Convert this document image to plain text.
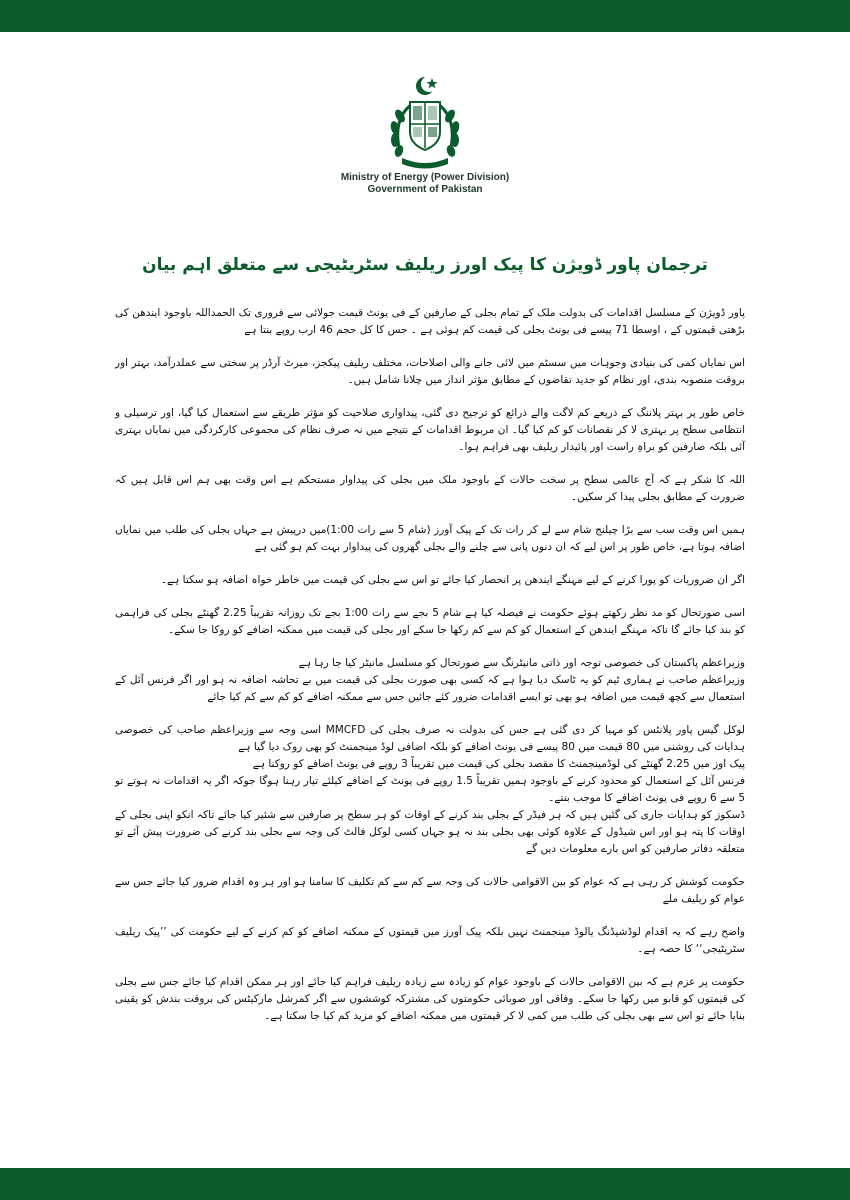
Ministry of Energy (Power Division)
Government of Pakistan
ترجمان پاور ڈویژن کا پیک اورز ریلیف سٹریٹیجی سے متعلق اہم بیان

پاور ڈویژن کے مسلسل اقدامات کی بدولت ملک کے تمام بجلی کے صارفین کے فی یونٹ قیمت جولائی سے فروری تک الحمداللہ باوجود ایندھن کی بڑھتی قیمتوں کے ، اوسطا 71 پیسے فی یونٹ بجلی کی قیمت کم ہوئی ہے ۔ جس کا کل حجم 46 ارب روپے بنتا ہے

اس نمایاں کمی کی بنیادی وجوہات میں سسٹم میں لائی جانے والی اصلاحات، مختلف ریلیف پیکجز، میرٹ آرڈر پر سختی سے عملدرآمد، بہتر اور بروقت منصوبہ بندی، اور نظام کو جدید تقاضوں کے مطابق مؤثر انداز میں چلانا شامل ہیں۔

خاص طور پر بہتر پلاننگ کے ذریعے کم لاگت والے ذرائع کو ترجیح دی گئی، پیداواری صلاحیت کو مؤثر طریقے سے استعمال کیا گیا، اور ترسیلی و انتظامی سطح پر بہتری لا کر نقصانات کو کم کیا گیا۔ ان مربوط اقدامات کے نتیجے میں نہ صرف نظام کی مجموعی کارکردگی میں نمایاں بہتری آئی بلکہ صارفین کو براہِ راست اور پائیدار ریلیف بھی فراہم ہوا۔

اللہ کا شکر ہے کہ آج عالمی سطح پر سخت حالات کے باوجود ملک میں بجلی کی پیداوار مستحکم ہے اس وقت بھی ہم اس قابل ہیں کہ ضرورت کے مطابق بجلی پیدا کر سکیں۔

ہمیں اس وقت سب سے بڑا چیلنج شام سے لے کر رات تک کے پیک آورز (شام 5 سے رات 1:00)میں درپیش ہے جہاں بجلی کی طلب میں نمایاں اضافہ ہوتا ہے، خاص طور پر اس لیے کہ ان دنوں پانی سے چلنے والے بجلی گھروں کی پیداوار بہت کم ہو گئی ہے

اگر ان ضروریات کو پورا کرنے کے لیے مہنگے ایندھن پر انحصار کیا جائے تو اس سے بجلی کی قیمت میں خاطر خواہ اضافہ ہو سکتا ہے۔

اسی صورتحال کو مد نظر رکھتے ہوئے حکومت نے فیصلہ کیا ہے شام 5 بجے سے رات 1:00 بجے تک روزانہ تقریباً 2.25 گھنٹے بجلی کی فراہمی کو بند کیا جائے گا تاکہ مہنگے ایندھن کے استعمال کو کم سے کم رکھا جا سکے اور بجلی کی قیمت میں ممکنہ اضافے کو روکا جا سکے۔

وزیراعظم پاکستان کی خصوصی توجہ اور ذاتی مانیٹرنگ سے صورتحال کو مسلسل مانیٹر کیا جا رہا ہے
وزیراعظم صاحب نے ہماری ٹیم کو یہ ٹاسک دیا ہوا ہے کہ کسی بھی صورت بجلی کی قیمت میں بے تحاشہ اضافہ نہ ہو اور اگر فرنس آئل کے استعمال سے کچھ قیمت میں اضافہ ہو بھی تو ایسے اقدامات ضرور کئے جائیں جس سے ممکنہ اضافے کو کم سے کم کیا جائے
لوکل گیس پاور پلانٹس کو مہیا کر دی گئی ہے جس کی بدولت نہ صرف بجلی کی MMCFD اسی وجہ سے وزیراعظم صاحب کی خصوصی ہدایات کی روشنی میں 80 قیمت میں 80 پیسے فی یونٹ اضافے کو بلکہ اضافی لوڈ مینجمنٹ کو بھی روک دیا گیا ہے
پیک اوز میں 2.25 گھنٹے کی لوڈمینجمنٹ کا مقصد بجلی کی قیمت میں تقریباً 3 روپے فی یونٹ اضافے کو روکنا ہے
فرنس آئل کے استعمال کو محدود کرنے کے باوجود ہمیں تقریباً 1.5 روپے فی یونٹ کے اضافے کیلئے تیار رہنا ہوگا جوکہ اگر یہ اقدامات نہ ہوتے تو 5 سے 6 روپے فی یونٹ اضافے کا موجب بنتے۔
ڈسکوز کو ہدایات جاری کی گئیں ہیں کہ ہر فیڈر کے بجلی بند کرنے کے اوقات کو ہر سطح پر صارفین سے شئیر کیا جائے تاکہ انکو اپنی بجلی کے اوقات کا پتہ ہو اور اس شیڈول کے علاوہ کوئی بھی بجلی بند نہ ہو جہاں کسی لوکل فالٹ کی وجہ سے بجلی بند کرنے کی ضرورت پیش آئے تو متعلقہ دفاتر صارفین کو اس بارے معلومات دیں گے

حکومت کوشش کر رہی ہے کہ عوام کو بین الاقوامی حالات کی وجہ سے کم سے کم تکلیف کا سامنا ہو اور ہر وہ اقدام ضرور کیا جائے جس سے عوام کو ریلیف ملے

واضح رہے کہ یہ اقدام لوڈشیڈنگ یالوڈ مینجمنٹ نہیں بلکہ پیک آورز میں قیمتوں کے ممکنہ اضافے کو کم کرنے کے لیے حکومت کی ’’پیک ریلیف سٹریٹیجی‘‘ کا حصہ ہے۔

حکومت پر عزم ہے کہ بین الاقوامی حالات کے باوجود عوام کو زیادہ سے زیادہ ریلیف فراہم کیا جائے اور ہر ممکن اقدام کیا جائے جس سے بجلی کی قیمتوں کو قابو میں رکھا جا سکے۔ وفاقی اور صوبائی حکومتوں کی مشترکہ کوششوں سے اگر کمرشل مارکیٹس کی بروقت بندش کو یقینی بنایا جائے تو اس سے بھی بجلی کی طلب میں کمی لا کر قیمتوں میں ممکنہ اضافے کو مزید کم کیا جا سکتا ہے۔
